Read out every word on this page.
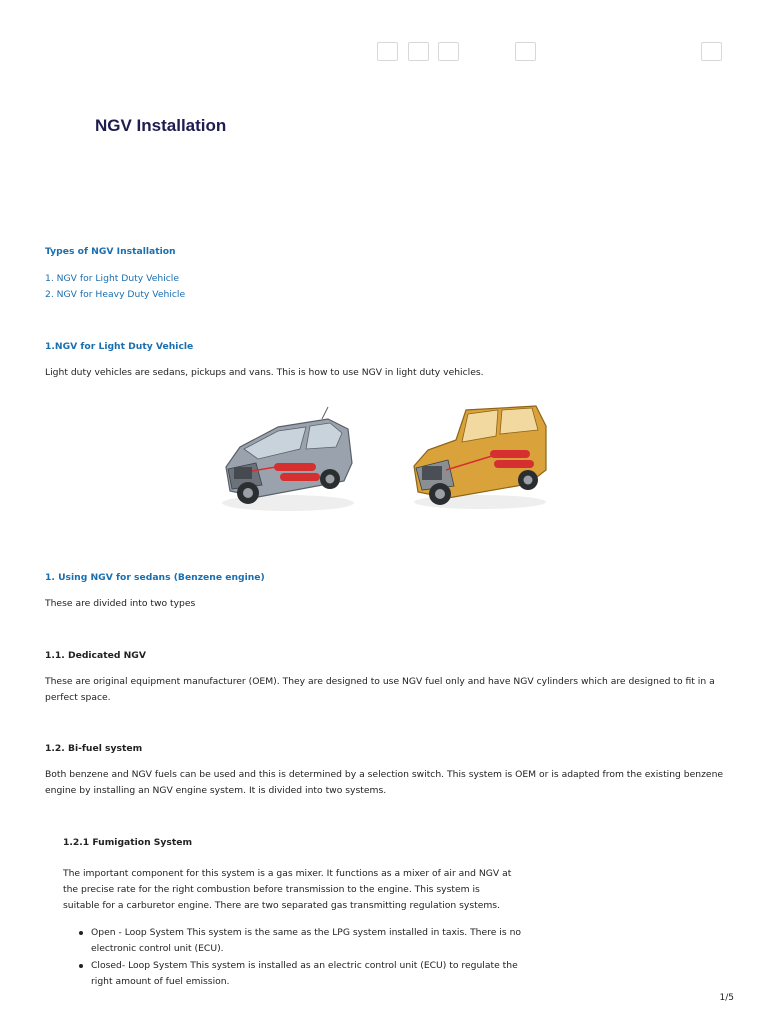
NGV Installation

Types of NGV Installation

1. NGV for Light Duty Vehicle

2. NGV for Heavy Duty Vehicle

1.NGV for Light Duty Vehicle

Light duty vehicles are sedans, pickups and vans. This is how to use NGV in light duty vehicles.

1. Using NGV for sedans (Benzene engine)

These are divided into two types

1.1. Dedicated NGV

These are original equipment manufacturer (OEM). They are designed to use NGV fuel only and have NGV cylinders which are designed to fit in a perfect space.

1.2. Bi-fuel system

Both benzene and NGV fuels can be used and this is determined by a selection switch. This system is OEM or is adapted from the existing benzene engine by installing an NGV engine system. It is divided into two systems.

1.2.1 Fumigation System

The important component for this system is a gas mixer. It functions as a mixer of air and NGV at the precise rate for the right combustion before transmission to the engine. This system is suitable for a carburetor engine. There are two separated gas transmitting regulation systems.

Open - Loop System This system is the same as the LPG system installed in taxis. There is no electronic control unit (ECU).
Closed- Loop System This system is installed as an electric control unit (ECU) to regulate the right amount of fuel emission.
1/5
